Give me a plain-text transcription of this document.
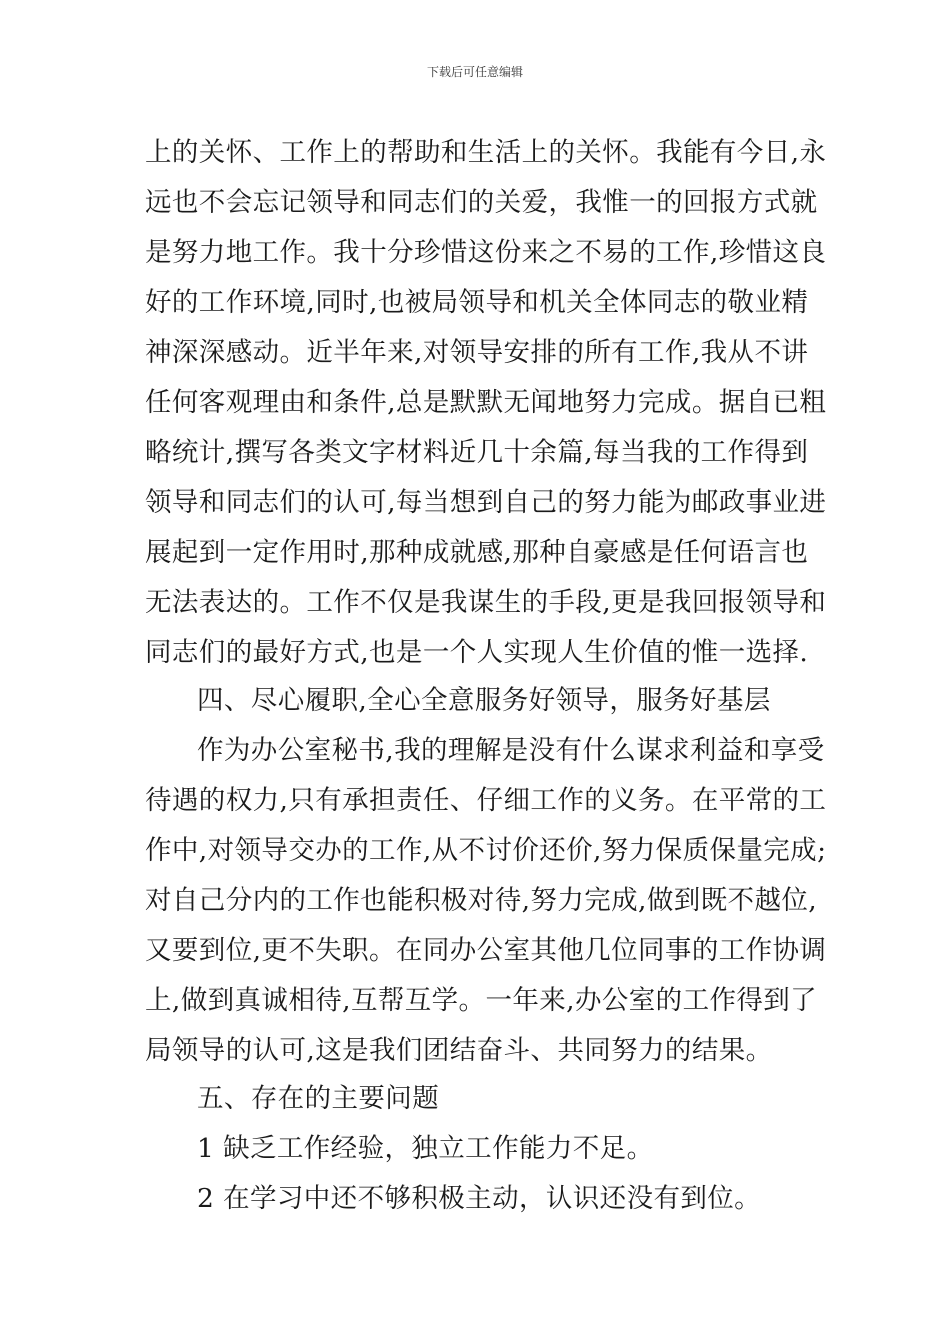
下载后可任意编辑
上的关怀、工作上的帮助和生活上的关怀。我能有今日,永
远也不会忘记领导和同志们的关爱，我惟一的回报方式就
是努力地工作。我十分珍惜这份来之不易的工作,珍惜这良
好的工作环境,同时,也被局领导和机关全体同志的敬业精
神深深感动。近半年来,对领导安排的所有工作,我从不讲
任何客观理由和条件,总是默默无闻地努力完成。据自已粗
略统计,撰写各类文字材料近几十余篇,每当我的工作得到
领导和同志们的认可,每当想到自己的努力能为邮政事业进
展起到一定作用时,那种成就感,那种自豪感是任何语言也
无法表达的。工作不仅是我谋生的手段,更是我回报领导和
同志们的最好方式,也是一个人实现人生价值的惟一选择.
四、尽心履职,全心全意服务好领导，服务好基层
作为办公室秘书,我的理解是没有什么谋求利益和享受
待遇的权力,只有承担责任、仔细工作的义务。在平常的工
作中,对领导交办的工作,从不讨价还价,努力保质保量完成;
对自己分内的工作也能积极对待,努力完成,做到既不越位,
又要到位,更不失职。在同办公室其他几位同事的工作协调
上,做到真诚相待,互帮互学。一年来,办公室的工作得到了
局领导的认可,这是我们团结奋斗、共同努力的结果。
五、存在的主要问题
1 缺乏工作经验，独立工作能力不足。
2 在学习中还不够积极主动，认识还没有到位。
